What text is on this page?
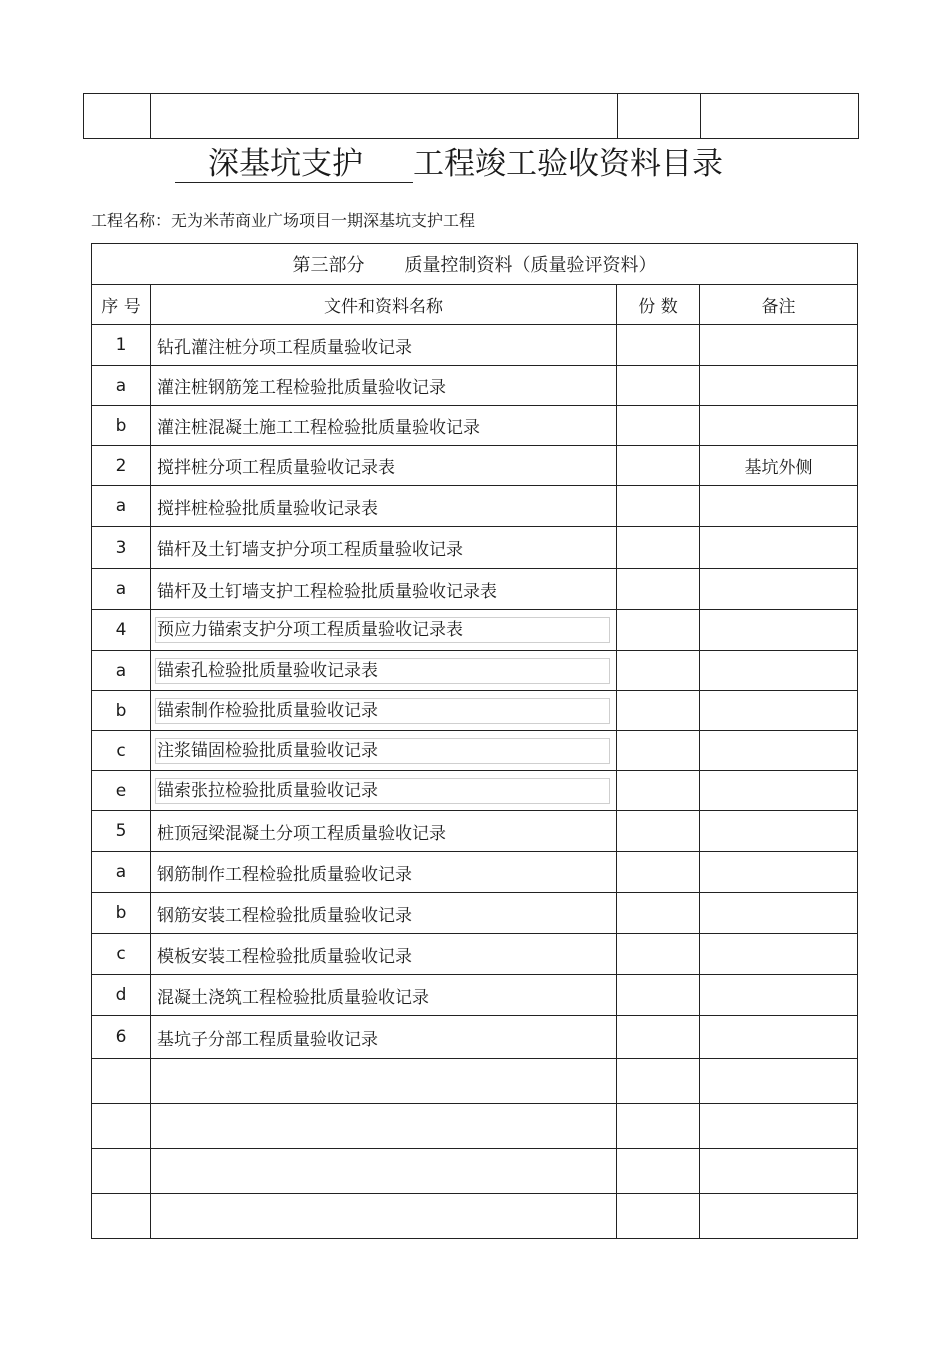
深基坑支护 工程竣工验收资料目录
工程名称：无为米芾商业广场项目一期深基坑支护工程
第三部分 质量控制资料（质量验评资料）			
序 号	文件和资料名称	份 数	备注
1	钻孔灌注桩分项工程质量验收记录		
a	灌注桩钢筋笼工程检验批质量验收记录		
b	灌注桩混凝土施工工程检验批质量验收记录		
2	搅拌桩分项工程质量验收记录表		基坑外侧
a	搅拌桩检验批质量验收记录表		
3	锚杆及土钉墙支护分项工程质量验收记录		
a	锚杆及土钉墙支护工程检验批质量验收记录表		
4	预应力锚索支护分项工程质量验收记录表		

a	锚索孔检验批质量验收记录表		

b	锚索制作检验批质量验收记录		

c	注浆锚固检验批质量验收记录		

e	锚索张拉检验批质量验收记录		

5	桩顶冠梁混凝土分项工程质量验收记录		
a	钢筋制作工程检验批质量验收记录		
b	钢筋安装工程检验批质量验收记录		
c	模板安装工程检验批质量验收记录		
d	混凝土浇筑工程检验批质量验收记录		
6	基坑子分部工程质量验收记录		
